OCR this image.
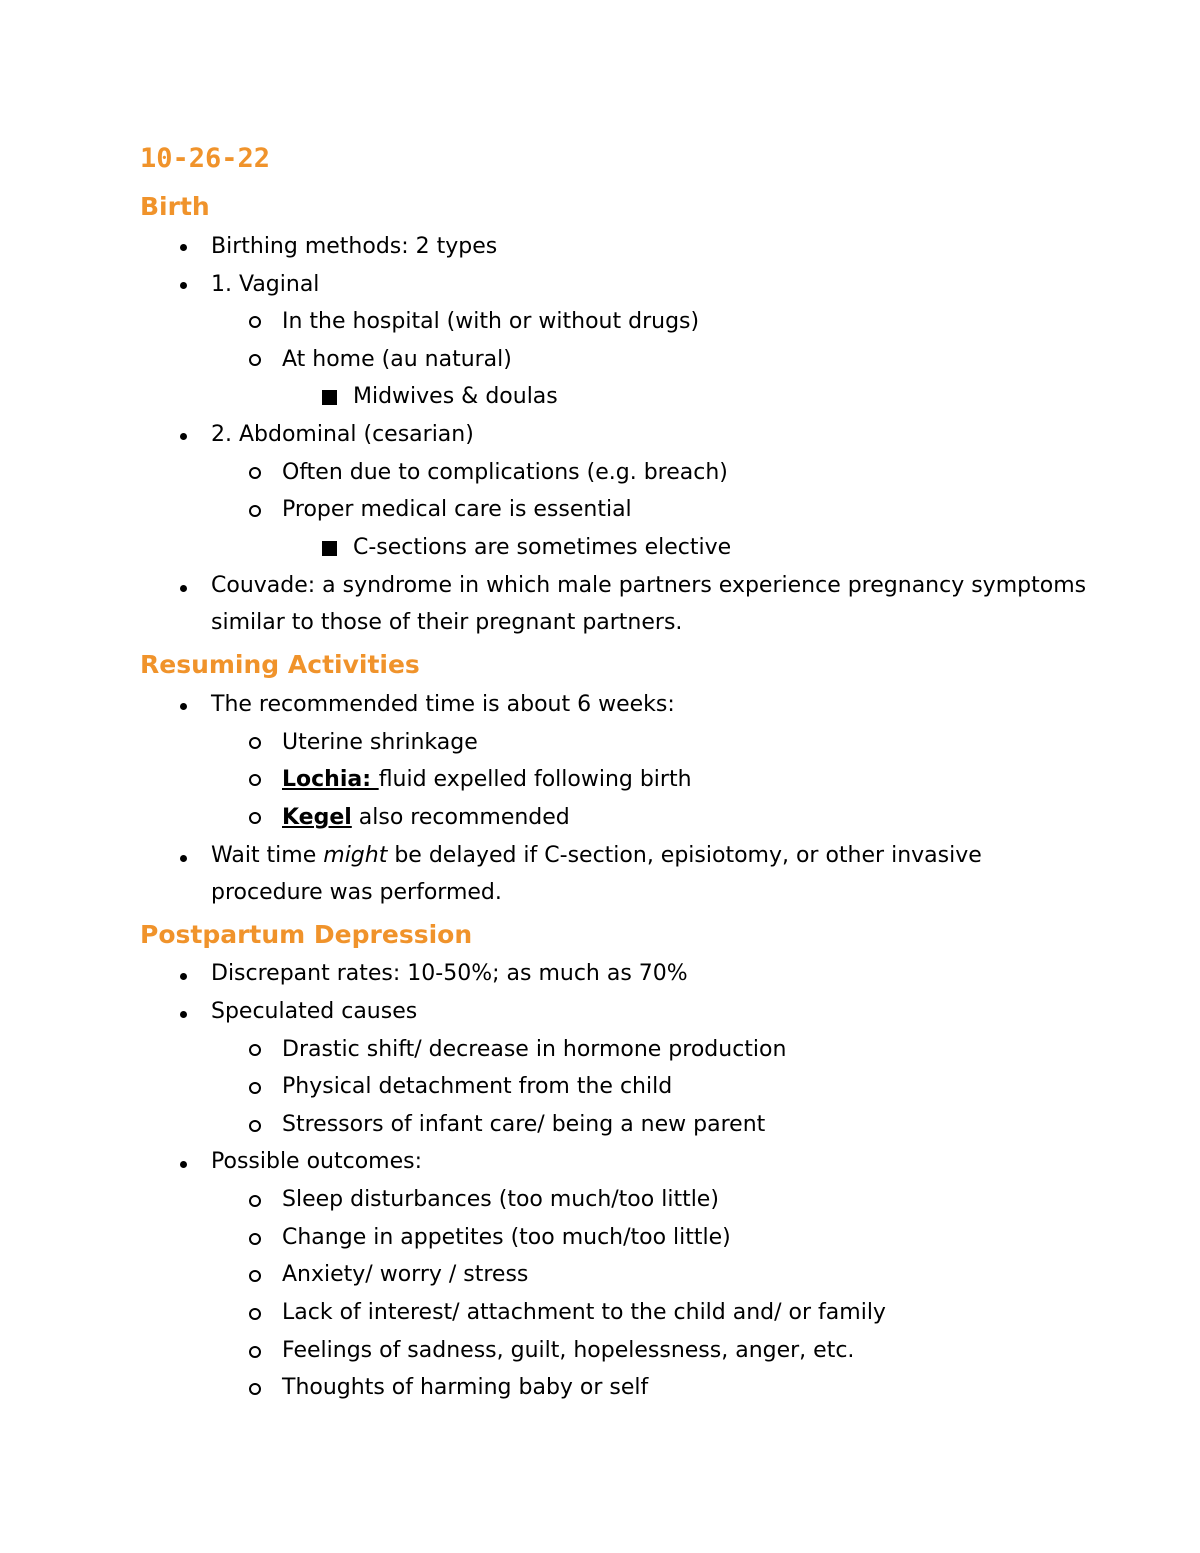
10-26-22
Birth
Birthing methods: 2 types
1. Vaginal
In the hospital (with or without drugs)
At home (au natural)
Midwives & doulas
2. Abdominal (cesarian)
Often due to complications (e.g. breach)
Proper medical care is essential
C-sections are sometimes elective
Couvade: a syndrome in which male partners experience pregnancy symptoms
similar to those of their pregnant partners.
Resuming Activities
The recommended time is about 6 weeks:
Uterine shrinkage
Lochia: fluid expelled following birth
Kegel also recommended
Wait time might be delayed if C-section, episiotomy, or other invasive
procedure was performed.
Postpartum Depression
Discrepant rates: 10-50%; as much as 70%
Speculated causes
Drastic shift/ decrease in hormone production
Physical detachment from the child
Stressors of infant care/ being a new parent
Possible outcomes:
Sleep disturbances (too much/too little)
Change in appetites (too much/too little)
Anxiety/ worry / stress
Lack of interest/ attachment to the child and/ or family
Feelings of sadness, guilt, hopelessness, anger, etc.
Thoughts of harming baby or self
